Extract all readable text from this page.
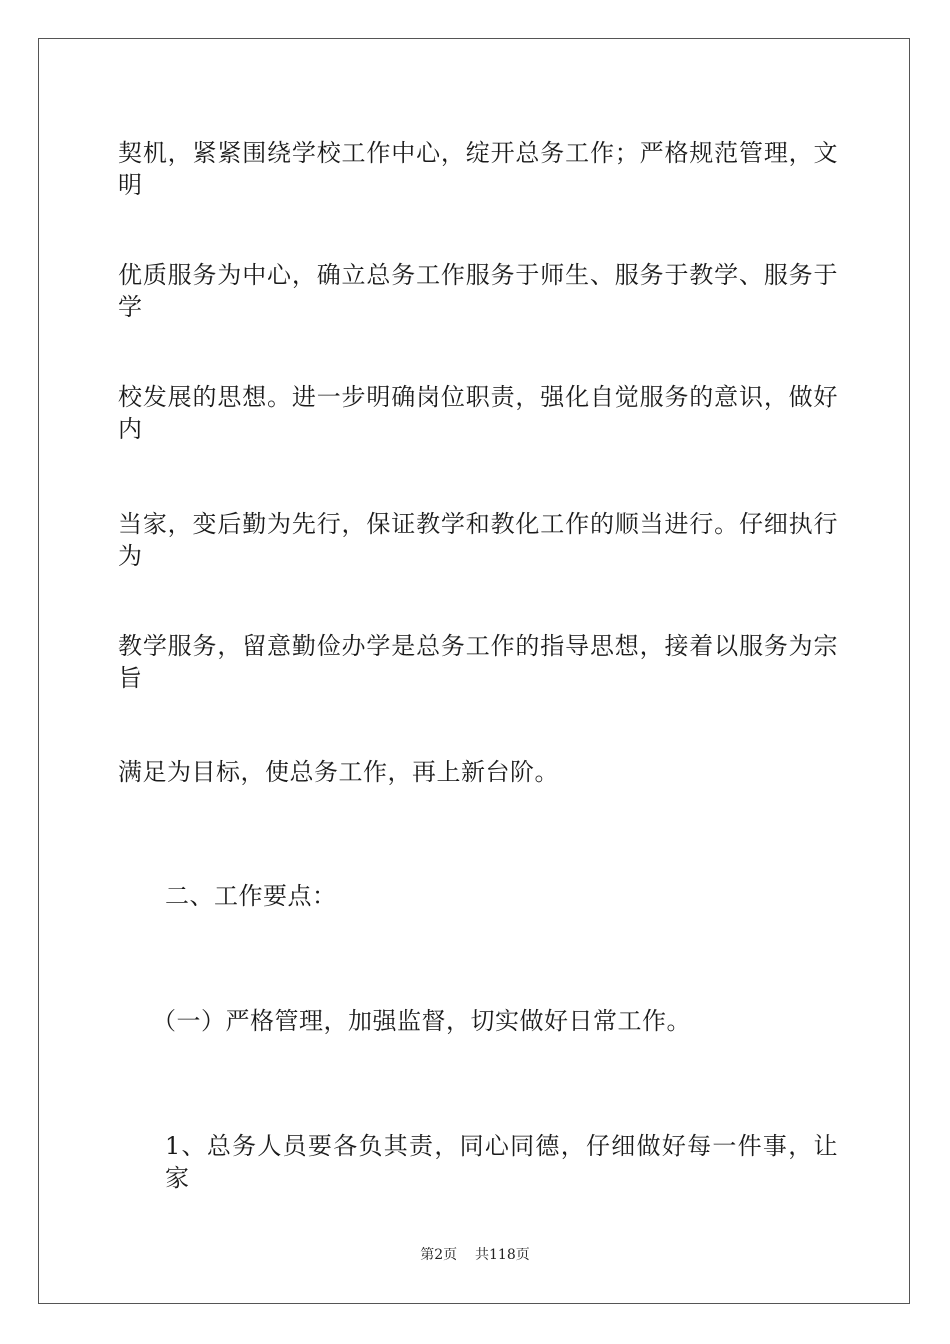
契机，紧紧围绕学校工作中心，绽开总务工作；严格规范管理，文明
优质服务为中心，确立总务工作服务于师生、服务于教学、服务于学
校发展的思想。进一步明确岗位职责，强化自觉服务的意识，做好内
当家，变后勤为先行，保证教学和教化工作的顺当进行。仔细执行为
教学服务，留意勤俭办学是总务工作的指导思想，接着以服务为宗旨
满足为目标，使总务工作，再上新台阶。
二、工作要点：
（一）严格管理，加强监督，切实做好日常工作。
1、总务人员要各负其责，同心同德，仔细做好每一件事，让家
第2页 共118页
